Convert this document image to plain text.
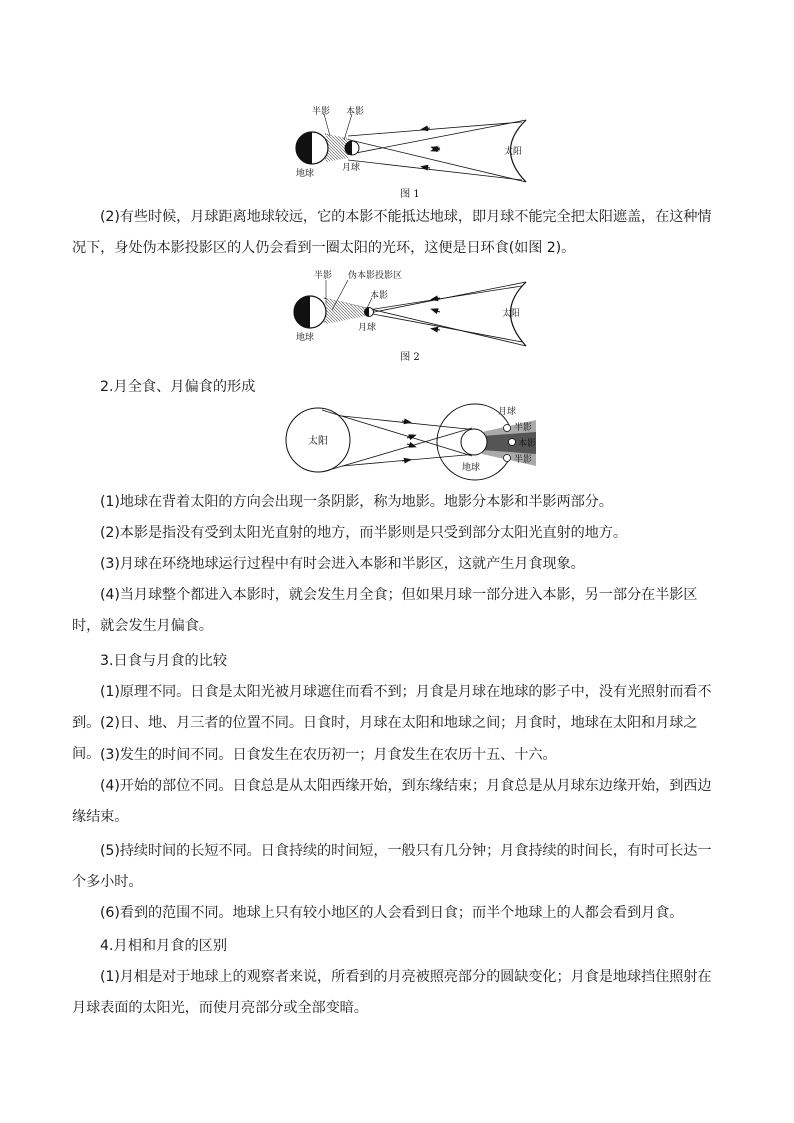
半影 本影
地球
月球
太阳
图 1
(2)有些时候，月球距离地球较远，它的本影不能抵达地球，即月球不能完全把太阳遮盖，在这种情况下，身处伪本影投影区的人仍会看到一圈太阳的光环，这便是日环食(如图 2)。
半影 伪本影投影区
本影
地球
月球
太阳
图 2
2.月全食、月偏食的形成
太阳
月球
半影
本影
半影
地球
(1)地球在背着太阳的方向会出现一条阴影，称为地影。地影分本影和半影两部分。
(2)本影是指没有受到太阳光直射的地方，而半影则是只受到部分太阳光直射的地方。
(3)月球在环绕地球运行过程中有时会进入本影和半影区，这就产生月食现象。
(4)当月球整个都进入本影时，就会发生月全食；但如果月球一部分进入本影，另一部分在半影区时，就会发生月偏食。
3.日食与月食的比较
(1)原理不同。日食是太阳光被月球遮住而看不到；月食是月球在地球的影子中，没有光照射而看不到。 (2)日、地、月三者的位置不同。日食时，月球在太阳和地球之间；月食时，地球在太阳和月球之间。 (3)发生的时间不同。日食发生在农历初一；月食发生在农历十五、十六。
(4)开始的部位不同。日食总是从太阳西缘开始，到东缘结束；月食总是从月球东边缘开始，到西边缘结束。
(5)持续时间的长短不同。日食持续的时间短，一般只有几分钟；月食持续的时间长，有时可长达一个多小时。
(6)看到的范围不同。地球上只有较小地区的人会看到日食；而半个地球上的人都会看到月食。
4.月相和月食的区别
(1)月相是对于地球上的观察者来说，所看到的月亮被照亮部分的圆缺变化；月食是地球挡住照射在月球表面的太阳光，而使月亮部分或全部变暗。
